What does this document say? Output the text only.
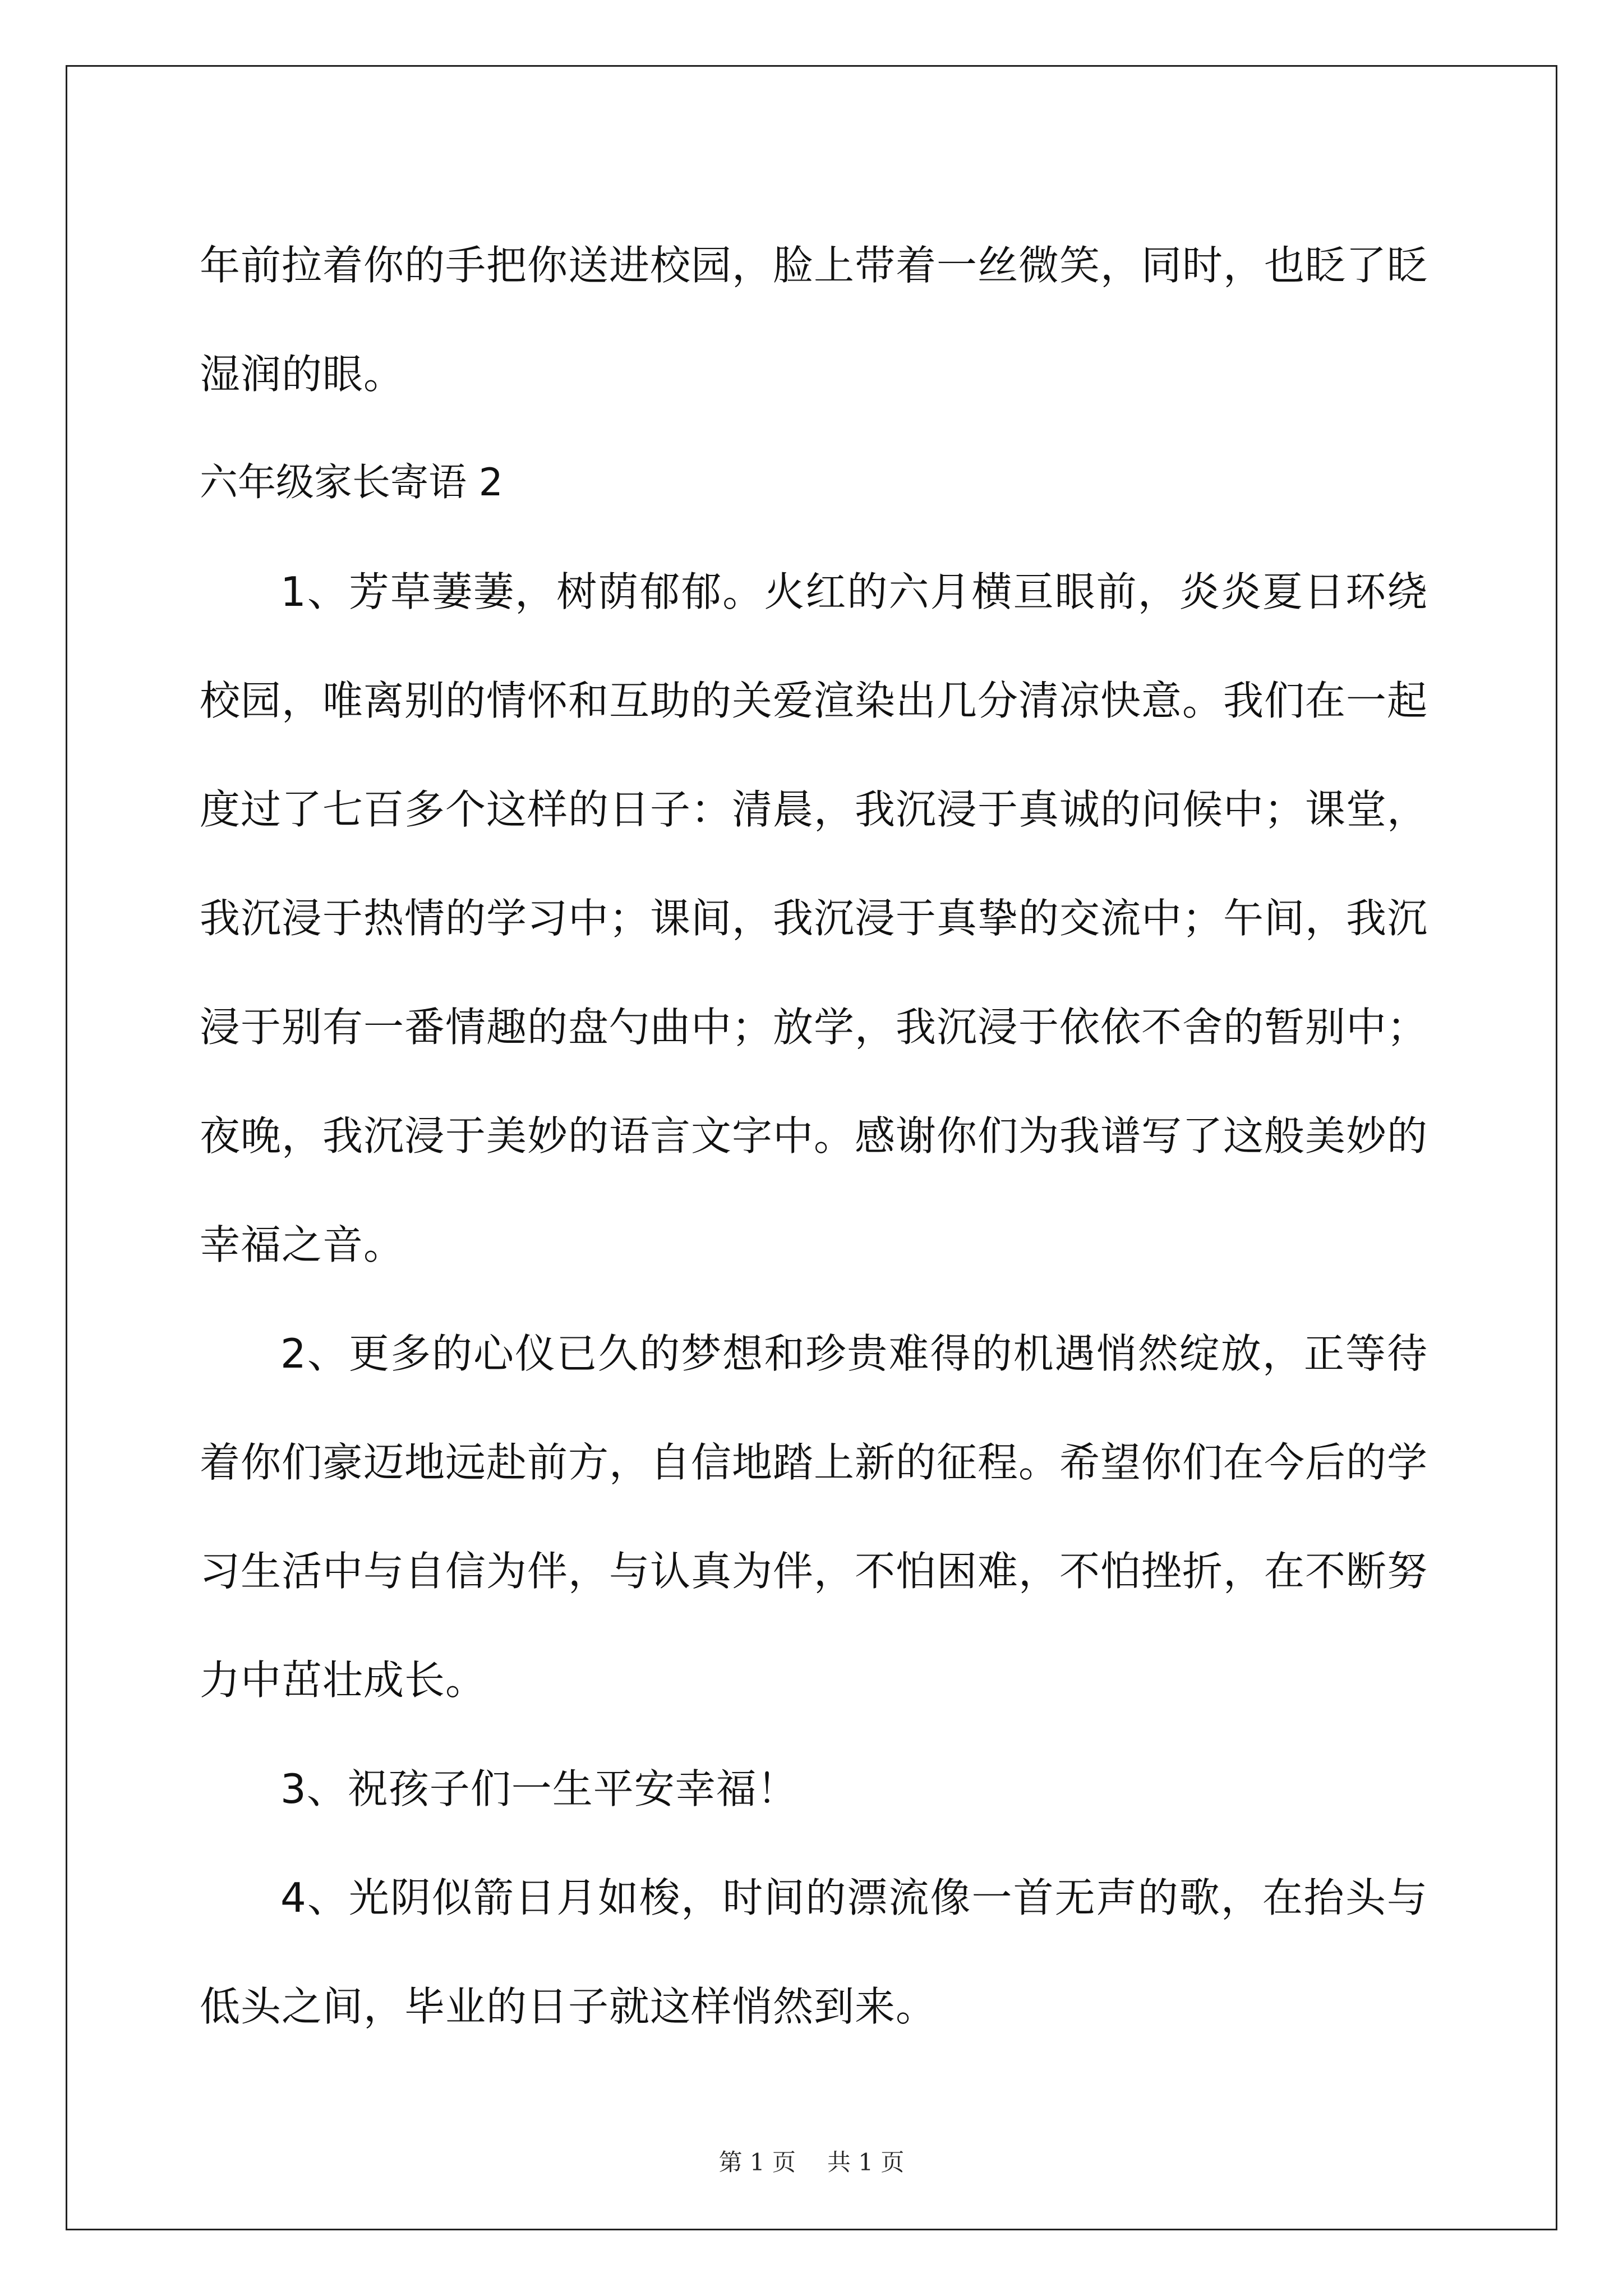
年前拉着你的手把你送进校园，脸上带着一丝微笑，同时，也眨了眨湿润的眼。

六年级家长寄语 2

1、芳草萋萋，树荫郁郁。火红的六月横亘眼前，炎炎夏日环绕校园，唯离别的情怀和互助的关爱渲染出几分清凉快意。我们在一起度过了七百多个这样的日子：清晨，我沉浸于真诚的问候中；课堂，我沉浸于热情的学习中；课间，我沉浸于真挚的交流中；午间，我沉浸于别有一番情趣的盘勺曲中；放学，我沉浸于依依不舍的暂别中；夜晚，我沉浸于美妙的语言文字中。感谢你们为我谱写了这般美妙的幸福之音。

2、更多的心仪已久的梦想和珍贵难得的机遇悄然绽放，正等待着你们豪迈地远赴前方，自信地踏上新的征程。希望你们在今后的学习生活中与自信为伴，与认真为伴，不怕困难，不怕挫折，在不断努力中茁壮成长。

3、祝孩子们一生平安幸福！

4、光阴似箭日月如梭，时间的漂流像一首无声的歌，在抬头与低头之间，毕业的日子就这样悄然到来。

第 1 页 共 1 页
